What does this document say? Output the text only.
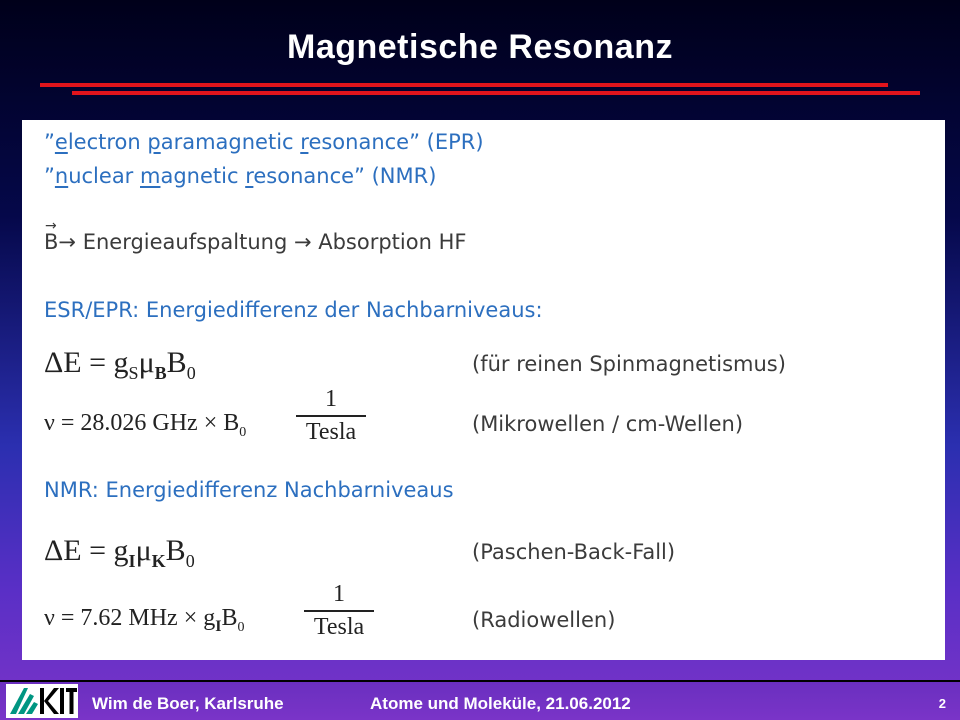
Magnetische Resonanz
”electron paramagnetic resonance” (EPR)
”nuclear magnetic resonance” (NMR)
→
B→ Energieaufspaltung → Absorption HF
ESR/EPR: Energiedifferenz der Nachbarniveaus:
$\Delta E = g_S\mu_BB_0$	(für reinen Spinmagnetismus)
ν = 28.026 GHz × $B_0$
1
Tesla	(Mikrowellen / cm-Wellen)
NMR: Energiedifferenz Nachbarniveaus
$\Delta E = g_I\mu_KB_0$	(Paschen-Back-Fall)
ν = 7.62 MHz × $g_IB_0$
1
Tesla	(Radiowellen)
Wim de Boer, Karlsruhe	Atome und Moleküle, 21.06.2012	2
